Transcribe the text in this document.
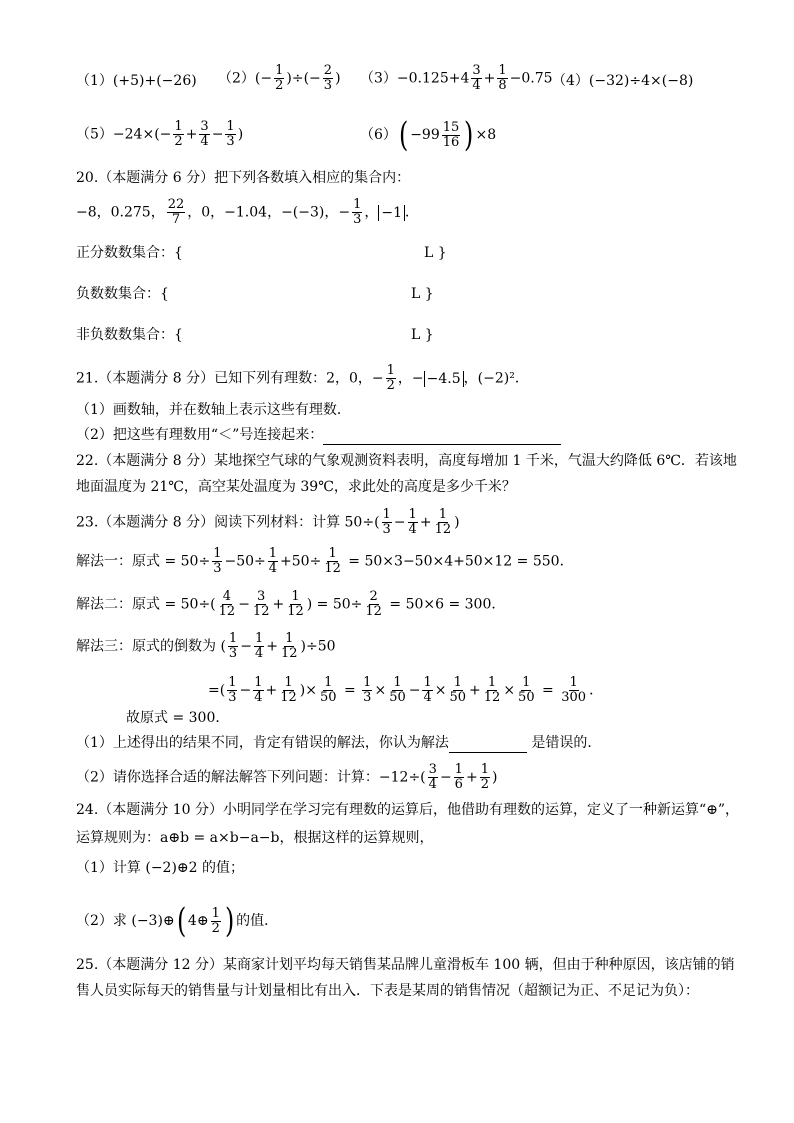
（1）(+5)+(−26) $(2)(- \frac{1}{2}$ )÷(− $\frac{2}{3}$ ) $(3)-0.125+4 \frac{3}{4} + \frac{1}{8} -0.75$ （4）(−32)÷4×(−8)
$(5)-24\times(- \frac{1}{2} + \frac{3}{4} - \frac{1}{3}$ )	$(6)( -99 \frac{15}{16}$ ) ×8
20.（本题满分 6 分）把下列各数填入相应的集合内：
−8，0.275， $\frac{22}{7}$ ，0，−1.04，−(−3)，− $\frac{1}{3}$ ， −1 ．
正分数数集合：{	L }
负数数集合：{	L }
非负数数集合：{	L }
21.（本题满分 8 分）已知下列有理数：2，0，− $\frac{1}{2}$ ，− −4.5 ，(−2)²．
（1）画数轴，并在数轴上表示这些有理数．
（2）把这些有理数用“＜”号连接起来：
22.（本题满分 8 分）某地探空气球的气象观测资料表明，高度每增加 1 千米，气温大约降低 6℃．若该地
地面温度为 21℃，高空某处温度为 39℃，求此处的高度是多少千米？
23.（本题满分 8 分）阅读下列材料：计算 $50\div( \frac{1}{3} - \frac{1}{4} + \frac{1}{12}$ )
解法一：原式 = $50\div \frac{1}{3} -50\div \frac{1}{4} +50\div \frac{1}{12} = 50\times 3-50\times 4+50\times 12 = 550$．
解法二：原式 = $50\div( \frac{4}{12} - \frac{3}{12} + \frac{1}{12}$ ) = $50\div \frac{2}{12} = 50\times 6 = 300$．
解法三：原式的倒数为 ( $\frac{1}{3} - \frac{1}{4} + \frac{1}{12} )\div 50$
=( $\frac{1}{3} - \frac{1}{4} + \frac{1}{12}$ )× $\frac{1}{50} = \frac{1}{3} \times \frac{1}{50} - \frac{1}{4} \times \frac{1}{50} + \frac{1}{12} \times \frac{1}{50} = \frac{1}{300}$ ．
故原式 = 300．
（1）上述得出的结果不同，肯定有错误的解法，你认为解法	是错误的．
（2）请你选择合适的解法解答下列问题：计算：$-12\div( \frac{3}{4} - \frac{1}{6} + \frac{1}{2}$ )
24.（本题满分 10 分）小明同学在学习完有理数的运算后，他借助有理数的运算，定义了一种新运算“⊕”，
运算规则为：a⊕b = a×b−a−b，根据这样的运算规则，
（1）计算 (−2)⊕2 的值；
（2）求 (−3)⊕( 4⊕ $\frac{1}{2}$ ) 的值．
25.（本题满分 12 分）某商家计划平均每天销售某品牌儿童滑板车 100 辆，但由于种种原因，该店铺的销
售人员实际每天的销售量与计划量相比有出入．下表是某周的销售情况（超额记为正、不足记为负）：
